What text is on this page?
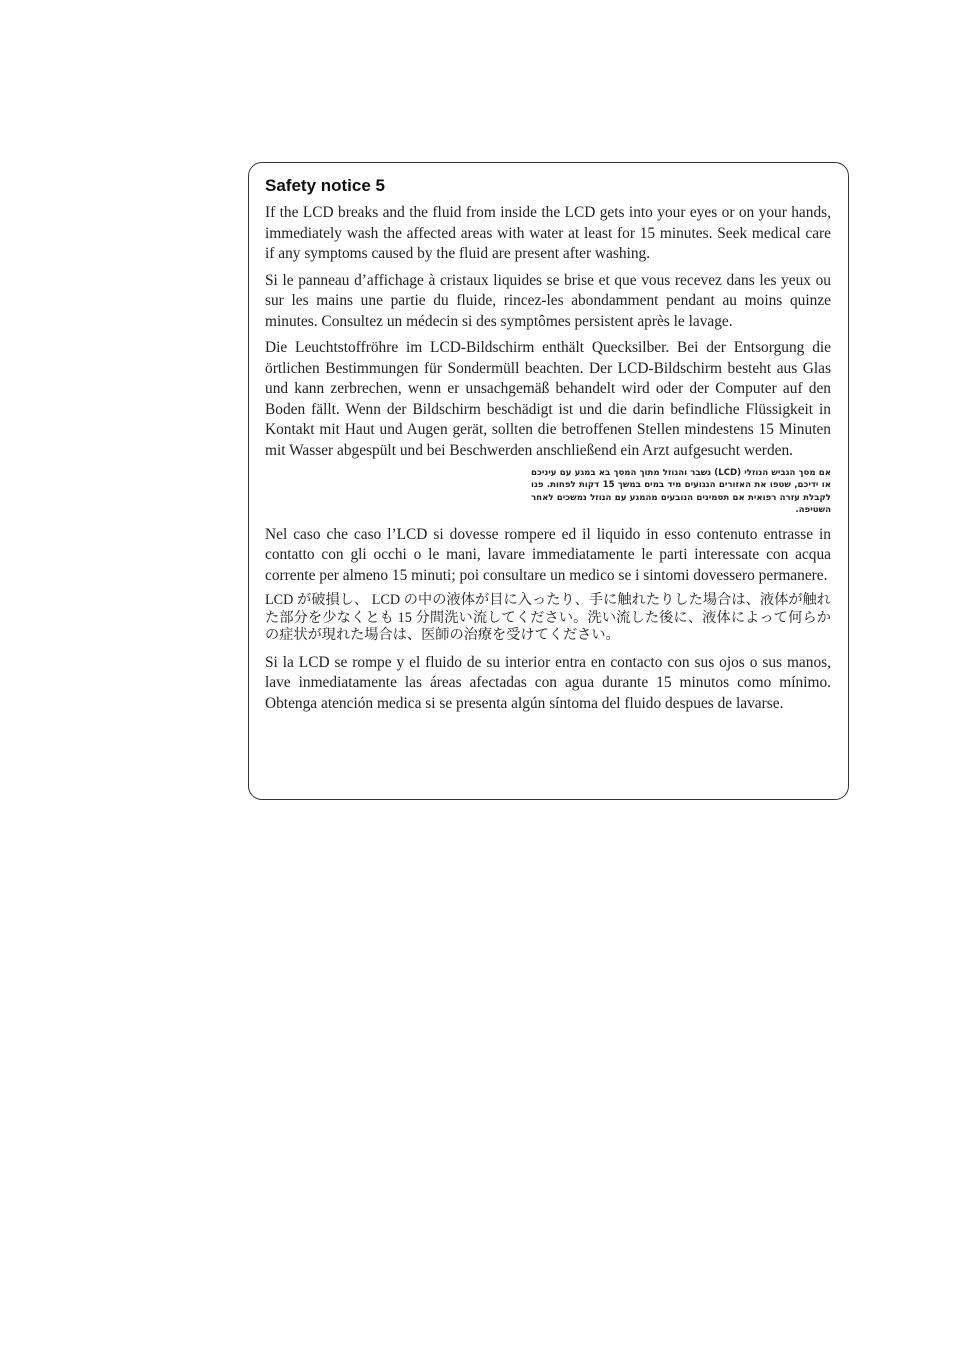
Safety notice 5

If the LCD breaks and the fluid from inside the LCD gets into your eyes or on your hands, immediately wash the affected areas with water at least for 15 minutes. Seek medical care if any symptoms caused by the fluid are present after washing.

Si le panneau d’affichage à cristaux liquides se brise et que vous recevez dans les yeux ou sur les mains une partie du fluide, rincez-les abondamment pendant au moins quinze minutes. Consultez un médecin si des symptômes persistent après le lavage.

Die Leuchtstoffröhre im LCD-Bildschirm enthält Quecksilber. Bei der Entsorgung die örtlichen Bestimmungen für Sondermüll beachten. Der LCD-Bildschirm besteht aus Glas und kann zerbrechen, wenn er unsachgemäß behandelt wird oder der Computer auf den Boden fällt. Wenn der Bildschirm beschädigt ist und die darin befindliche Flüssigkeit in Kontakt mit Haut und Augen gerät, sollten die betroffenen Stellen mindestens 15 Minuten mit Wasser abgespült und bei Beschwerden anschließend ein Arzt aufgesucht werden.

אם מסך הגביש הנוזלי (LCD) נשבר והנוזל מתוך המסך בא במגע עם עיניכם או ידיכם, שטפו את האזורים הנגועים מיד במים במשך 15 דקות לפחות. פנו לקבלת עזרה רפואית אם תסמינים הנובעים מהמגע עם הנוזל נמשכים לאחר השטיפה.

Nel caso che caso l’LCD si dovesse rompere ed il liquido in esso contenuto entrasse in contatto con gli occhi o le mani, lavare immediatamente le parti interessate con acqua corrente per almeno 15 minuti; poi consultare un medico se i sintomi dovessero permanere.

LCD が破損し、 LCD の中の液体が目に入ったり、手に触れたりした場合は、液体が触れた部分を少なくとも 15 分間洗い流してください。洗い流した後に、液体によって何らかの症状が現れた場合は、医師の治療を受けてください。

Si la LCD se rompe y el fluido de su interior entra en contacto con sus ojos o sus manos, lave inmediatamente las áreas afectadas con agua durante 15 minutos como mínimo. Obtenga atención medica si se presenta algún síntoma del fluido despues de lavarse.
